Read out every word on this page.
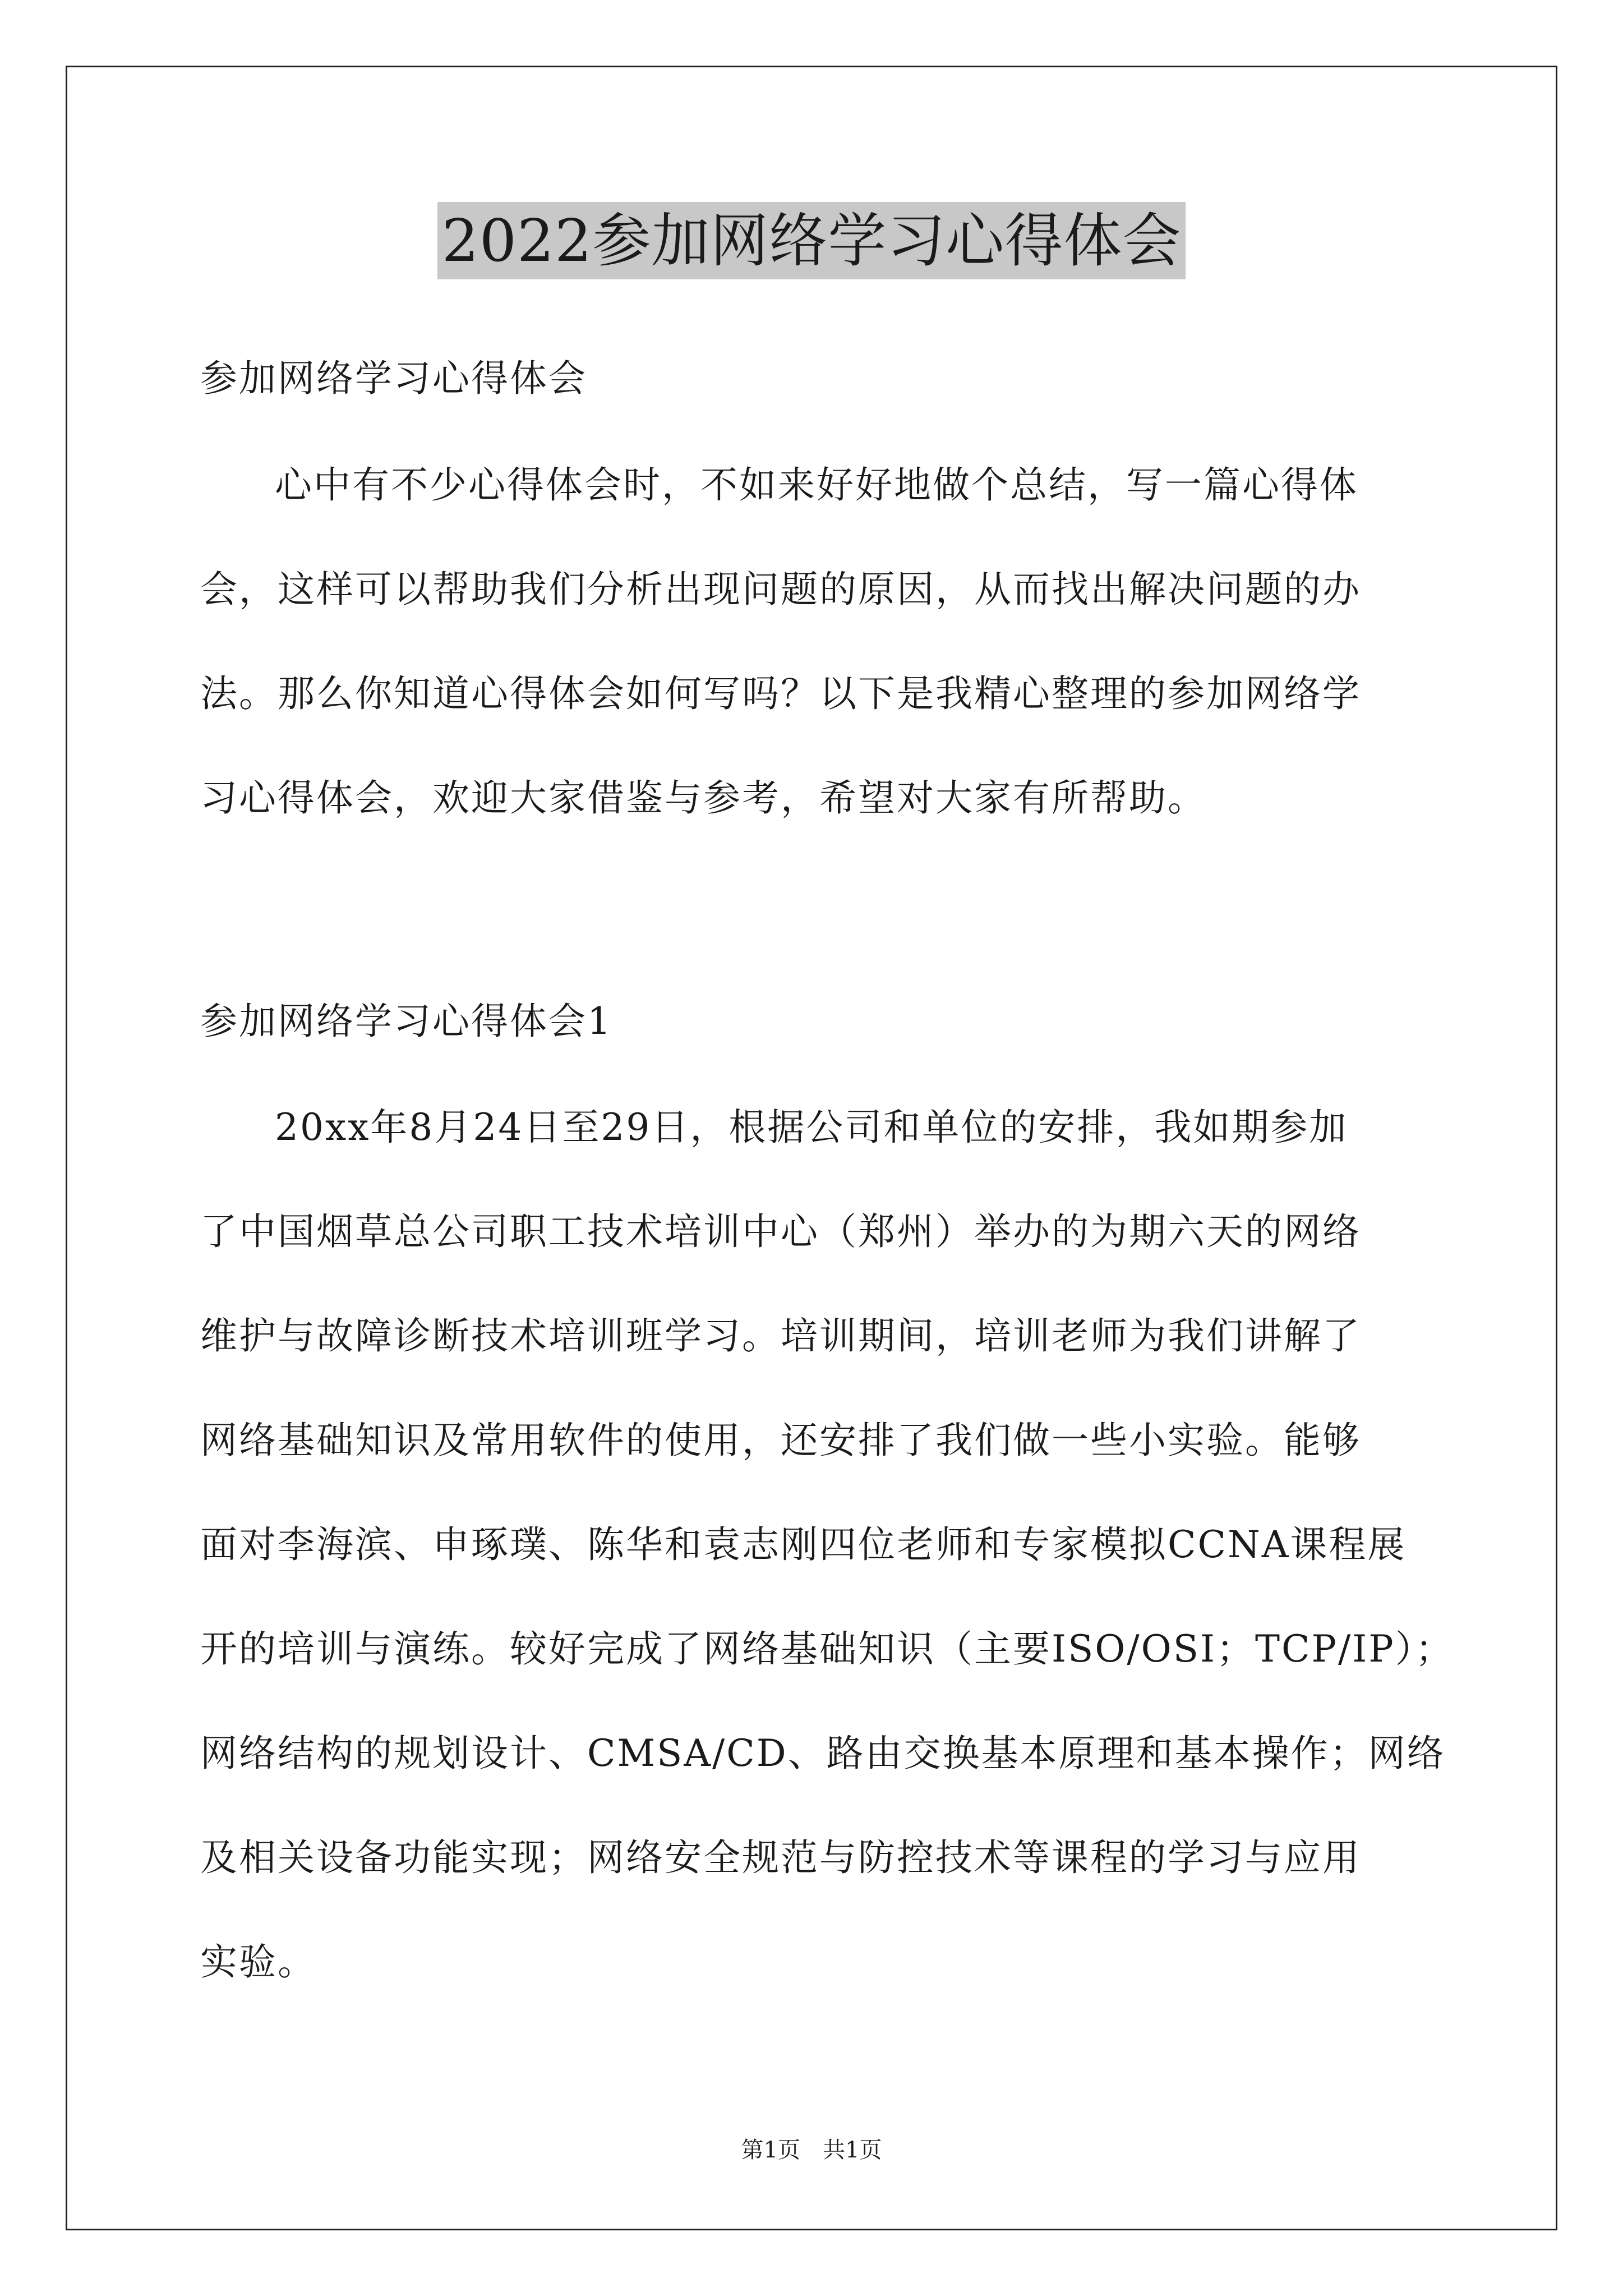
2022参加网络学习心得体会
参加网络学习心得体会
心中有不少心得体会时，不如来好好地做个总结，写一篇心得体
会，这样可以帮助我们分析出现问题的原因，从而找出解决问题的办
法。那么你知道心得体会如何写吗？以下是我精心整理的参加网络学
习心得体会，欢迎大家借鉴与参考，希望对大家有所帮助。
参加网络学习心得体会1
20xx年8月24日至29日，根据公司和单位的安排，我如期参加
了中国烟草总公司职工技术培训中心（郑州）举办的为期六天的网络
维护与故障诊断技术培训班学习。培训期间，培训老师为我们讲解了
网络基础知识及常用软件的使用，还安排了我们做一些小实验。能够
面对李海滨、申琢璞、陈华和袁志刚四位老师和专家模拟CCNA课程展
开的培训与演练。较好完成了网络基础知识（主要ISO/OSI；TCP/IP）；
网络结构的规划设计、CMSA/CD、路由交换基本原理和基本操作；网络
及相关设备功能实现；网络安全规范与防控技术等课程的学习与应用
实验。
第1页　共1页
